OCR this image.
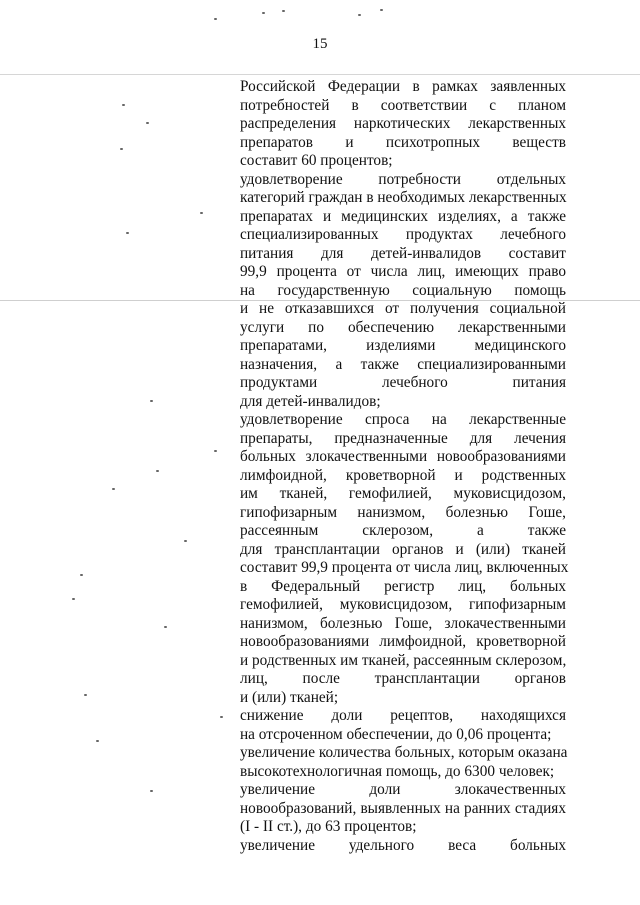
15
Российской Федерации в рамках заявленных
потребностей в соответствии с планом
распределения наркотических лекарственных
препаратов и психотропных веществ
составит 60 процентов;
удовлетворение потребности отдельных
категорий граждан в необходимых лекарственных
препаратах и медицинских изделиях, а также
специализированных продуктах лечебного
питания для детей-инвалидов составит
99,9 процента от числа лиц, имеющих право
на государственную социальную помощь
и не отказавшихся от получения социальной
услуги по обеспечению лекарственными
препаратами, изделиями медицинского
назначения, а также специализированными
продуктами лечебного питания
для детей-инвалидов;
удовлетворение спроса на лекарственные
препараты, предназначенные для лечения
больных злокачественными новообразованиями
лимфоидной, кроветворной и родственных
им тканей, гемофилией, муковисцидозом,
гипофизарным нанизмом, болезнью Гоше,
рассеянным склерозом, а также
для трансплантации органов и (или) тканей
составит 99,9 процента от числа лиц, включенных
в Федеральный регистр лиц, больных
гемофилией, муковисцидозом, гипофизарным
нанизмом, болезнью Гоше, злокачественными
новообразованиями лимфоидной, кроветворной
и родственных им тканей, рассеянным склерозом,
лиц, после трансплантации органов
и (или) тканей;
снижение доли рецептов, находящихся
на отсроченном обеспечении, до 0,06 процента;
увеличение количества больных, которым оказана
высокотехнологичная помощь, до 6300 человек;
увеличение доли злокачественных
новообразований, выявленных на ранних стадиях
(I - II ст.), до 63 процентов;
увеличение удельного веса больных
